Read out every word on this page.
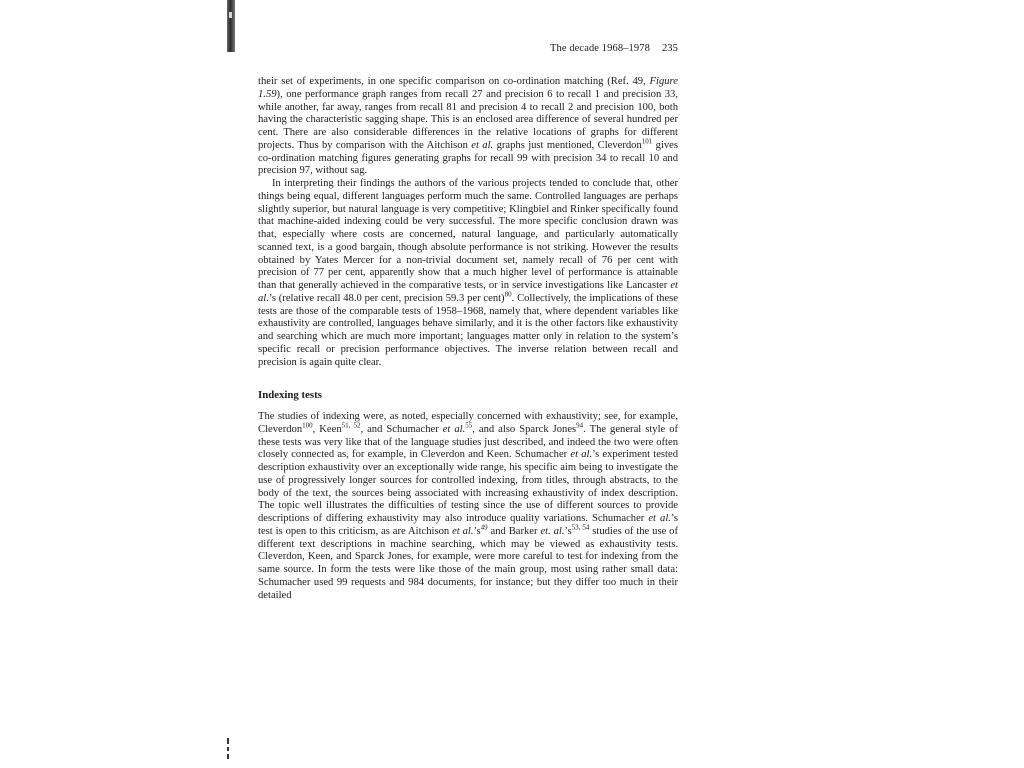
The decade 1968–1978 235

their set of experiments, in one specific comparison on co-ordination matching (Ref. 49, Figure 1.59), one performance graph ranges from recall 27 and precision 6 to recall 1 and precision 33, while another, far away, ranges from recall 81 and precision 4 to recall 2 and precision 100, both having the characteristic sagging shape. This is an enclosed area difference of several hundred per cent. There are also considerable differences in the relative locations of graphs for different projects. Thus by comparison with the Aitchison et al. graphs just mentioned, Cleverdon$^{101}$ gives co-ordination matching figures generating graphs for recall 99 with precision 34 to recall 10 and precision 97, without sag.

In interpreting their findings the authors of the various projects tended to conclude that, other things being equal, different languages perform much the same. Controlled languages are perhaps slightly superior, but natural language is very competitive; Klingbiel and Rinker specifically found that machine-aided indexing could be very successful. The more specific conclusion drawn was that, especially where costs are concerned, natural language, and particularly automatically scanned text, is a good bargain, though absolute performance is not striking. However the results obtained by Yates Mercer for a non-trivial document set, namely recall of 76 per cent with precision of 77 per cent, apparently show that a much higher level of performance is attainable than that generally achieved in the comparative tests, or in service investigations like Lancaster et al.’s (relative recall 48.0 per cent, precision 59.3 per cent)$^{80}$. Collectively, the implications of these tests are those of the comparable tests of 1958–1968, namely that, where dependent variables like exhaustivity are controlled, languages behave similarly, and it is the other factors like exhaustivity and searching which are much more important; languages matter only in relation to the system’s specific recall or precision performance objectives. The inverse relation between recall and precision is again quite clear.

Indexing tests

The studies of indexing were, as noted, especially concerned with exhaustivity; see, for example, Cleverdon$^{100}$, Keen$^{51, 52}$, and Schumacher et al.$^{55}$, and also Sparck Jones$^{94}$. The general style of these tests was very like that of the language studies just described, and indeed the two were often closely connected as, for example, in Cleverdon and Keen. Schumacher et al.’s experiment tested description exhaustivity over an exceptionally wide range, his specific aim being to investigate the use of progressively longer sources for controlled indexing, from titles, through abstracts, to the body of the text, the sources being associated with increasing exhaustivity of index description. The topic well illustrates the difficulties of testing since the use of different sources to provide descriptions of differing exhaustivity may also introduce quality variations. Schumacher et al.’s test is open to this criticism, as are Aitchison et $al.’s^{49}$ and Barker et. $al.’s^{53, 54}$ studies of the use of different text descriptions in machine searching, which may be viewed as exhaustivity tests. Cleverdon, Keen, and Sparck Jones, for example, were more careful to test for indexing from the same source. In form the tests were like those of the main group, most using rather small data: Schumacher used 99 requests and 984 documents, for instance; but they differ too much in their detailed
